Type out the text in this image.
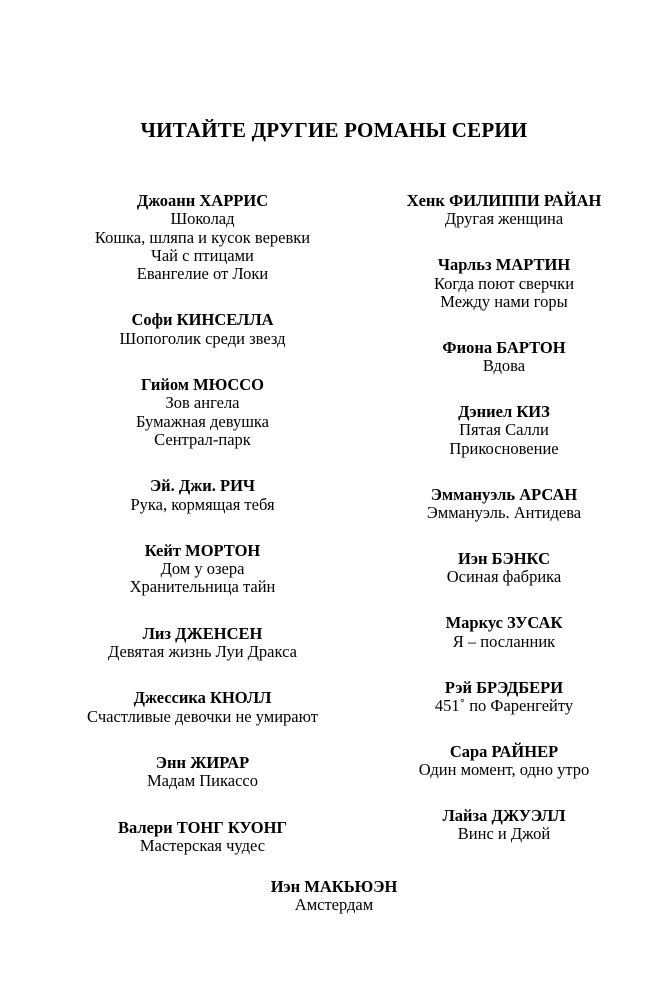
ЧИТАЙТЕ ДРУГИЕ РОМАНЫ СЕРИИ
Джоанн ХАРРИС
Шоколад
Кошка, шляпа и кусок веревки
Чай с птицами
Евангелие от Локи
Софи КИНСЕЛЛА
Шопоголик среди звезд
Гийом МЮССО
Зов ангела
Бумажная девушка
Сентрал-парк
Эй. Джи. РИЧ
Рука, кормящая тебя
Кейт МОРТОН
Дом у озера
Хранительница тайн
Лиз ДЖЕНСЕН
Девятая жизнь Луи Дракса
Джессика КНОЛЛ
Счастливые девочки не умирают
Энн ЖИРАР
Мадам Пикассо
Валери ТОНГ КУОНГ
Мастерская чудес
Хенк ФИЛИППИ РАЙАН
Другая женщина
Чарльз МАРТИН
Когда поют сверчки
Между нами горы
Фиона БАРТОН
Вдова
Дэниел КИЗ
Пятая Салли
Прикосновение
Эммануэль АРСАН
Эммануэль. Антидева
Иэн БЭНКС
Осиная фабрика
Маркус ЗУСАК
Я – посланник
Рэй БРЭДБЕРИ
451˚ по Фаренгейту
Сара РАЙНЕР
Один момент, одно утро
Лайза ДЖУЭЛЛ
Винс и Джой
Иэн МАКЬЮЭН
Амстердам
